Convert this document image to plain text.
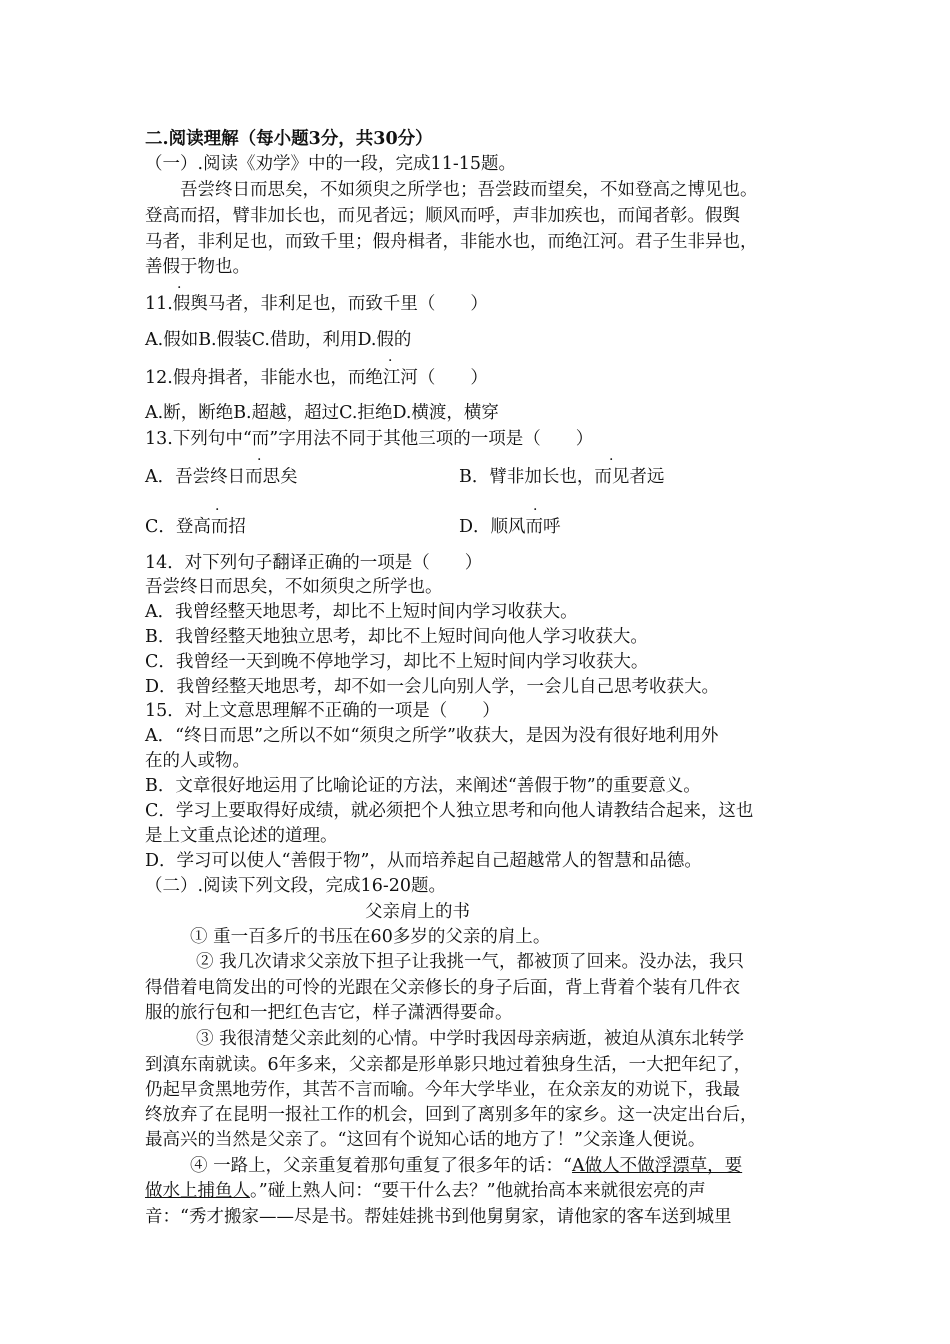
二.阅读理解（每小题3分，共30分）
（一）.阅读《劝学》中的一段，完成11-15题。
吾尝终日而思矣，不如须臾之所学也；吾尝跂而望矣，不如登高之博见也。
登高而招，臂非加长也，而见者远；顺风而呼，声非加疾也，而闻者彰。假舆
马者，非利足也，而致千里；假舟楫者，非能水也，而绝江河。君子生非异也，
善假于物也。
·
11.假舆马者，非利足也，而致千里（　　）
A.假如B.假装C.借助，利用D.假的
·
12.假舟揖者，非能水也，而绝江河（　　）
A.断，断绝B.超越，超过C.拒绝D.横渡，横穿
13.下列句中“而”字用法不同于其他三项的一项是（　　）
·	·
A．吾尝终日而思矣	B．臂非加长也，而见者远
·	·
C．登高而招	D．顺风而呼
14．对下列句子翻译正确的一项是（　　）
吾尝终日而思矣，不如须臾之所学也。
A．我曾经整天地思考，却比不上短时间内学习收获大。
B．我曾经整天地独立思考，却比不上短时间向他人学习收获大。
C．我曾经一天到晚不停地学习，却比不上短时间内学习收获大。
D．我曾经整天地思考，却不如一会儿向别人学，一会儿自己思考收获大。
15．对上文意思理解不正确的一项是（　　）
A．“终日而思”之所以不如“须臾之所学”收获大，是因为没有很好地利用外
在的人或物。
B．文章很好地运用了比喻论证的方法，来阐述“善假于物”的重要意义。
C．学习上要取得好成绩，就必须把个人独立思考和向他人请教结合起来，这也
是上文重点论述的道理。
D．学习可以使人“善假于物”，从而培养起自己超越常人的智慧和品德。
（二）.阅读下列文段，完成16-20题。
父亲肩上的书
① 重一百多斤的书压在60多岁的父亲的肩上。
② 我几次请求父亲放下担子让我挑一气，都被顶了回来。没办法，我只
得借着电筒发出的可怜的光跟在父亲修长的身子后面，背上背着个装有几件衣
服的旅行包和一把红色吉它，样子潇洒得要命。
③ 我很清楚父亲此刻的心情。中学时我因母亲病逝，被迫从滇东北转学
到滇东南就读。6年多来，父亲都是形单影只地过着独身生活，一大把年纪了，
仍起早贪黑地劳作，其苦不言而喻。今年大学毕业，在众亲友的劝说下，我最
终放弃了在昆明一报社工作的机会，回到了离别多年的家乡。这一决定出台后，
最高兴的当然是父亲了。“这回有个说知心话的地方了！”父亲逢人便说。
④ 一路上，父亲重复着那句重复了很多年的话：“A做人不做浮漂草，要
做水上捕鱼人。”碰上熟人问：“要干什么去？”他就抬高本来就很宏亮的声
音：“秀才搬家——尽是书。帮娃娃挑书到他舅舅家，请他家的客车送到城里
